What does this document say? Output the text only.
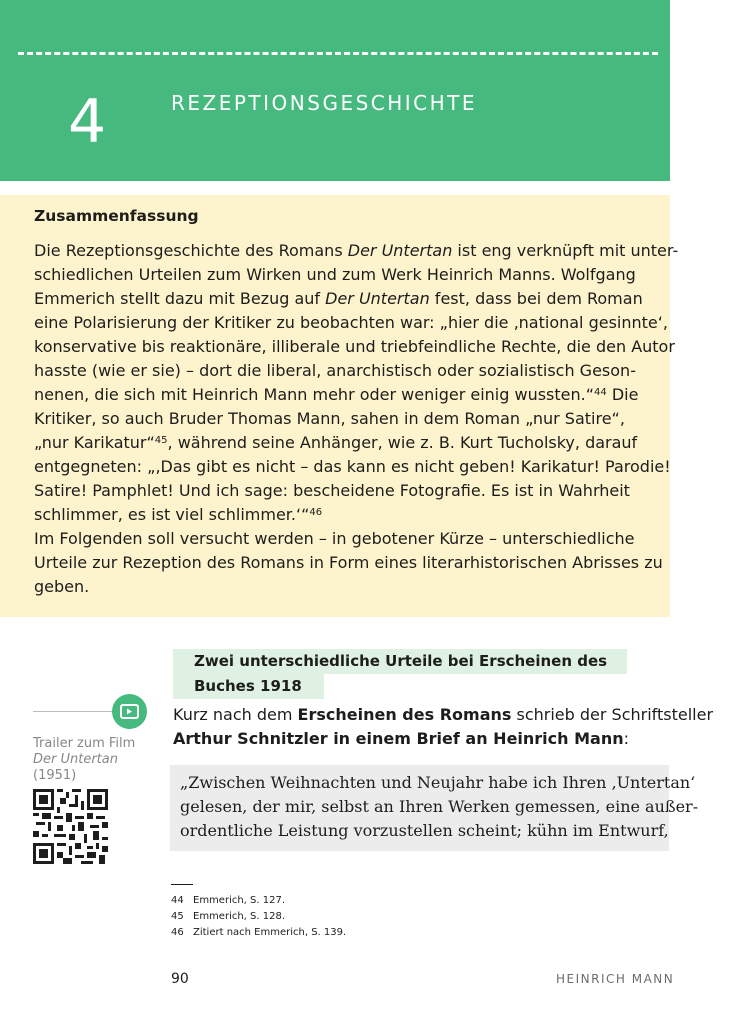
4	REZEPTIONSGESCHICHTE
Zusammenfassung
Die Rezeptionsgeschichte des Romans Der Untertan ist eng verknüpft mit unter-
schiedlichen Urteilen zum Wirken und zum Werk Heinrich Manns. Wolfgang
Emmerich stellt dazu mit Bezug auf Der Untertan fest, dass bei dem Roman
eine Polarisierung der Kritiker zu beobachten war: „hier die ‚national gesinnte‘,
konservative bis reaktionäre, illiberale und triebfeindliche Rechte, die den Autor
hasste (wie er sie) – dort die liberal, anarchistisch oder sozialistisch Geson-
nenen, die sich mit Heinrich Mann mehr oder weniger einig wussten.“$^{44}$ Die
Kritiker, so auch Bruder Thomas Mann, sahen in dem Roman „nur Satire“,
„nur Karikatur“$^{45}$, während seine Anhänger, wie z. B. Kurt Tucholsky, darauf
entgegneten: „‚Das gibt es nicht – das kann es nicht geben! Karikatur! Parodie!
Satire! Pamphlet! Und ich sage: bescheidene Fotografie. Es ist in Wahrheit
schlimmer, es ist viel schlimmer.‘“$^{46}$
Im Folgenden soll versucht werden – in gebotener Kürze – unterschiedliche
Urteile zur Rezeption des Romans in Form eines literarhistorischen Abrisses zu
geben.
Zwei unterschiedliche Urteile bei Erscheinen des
Buches 1918
Kurz nach dem Erscheinen des Romans schrieb der Schriftsteller
Arthur Schnitzler in einem Brief an Heinrich Mann:
„Zwischen Weihnachten und Neujahr habe ich Ihren ‚Untertan‘
gelesen, der mir, selbst an Ihren Werken gemessen, eine außer-
ordentliche Leistung vorzustellen scheint; kühn im Entwurf,
Trailer zum Film
Der Untertan
(1951)
44 Emmerich, S. 127.
45 Emmerich, S. 128.
46 Zitiert nach Emmerich, S. 139.
90	HEINRICH MANN
